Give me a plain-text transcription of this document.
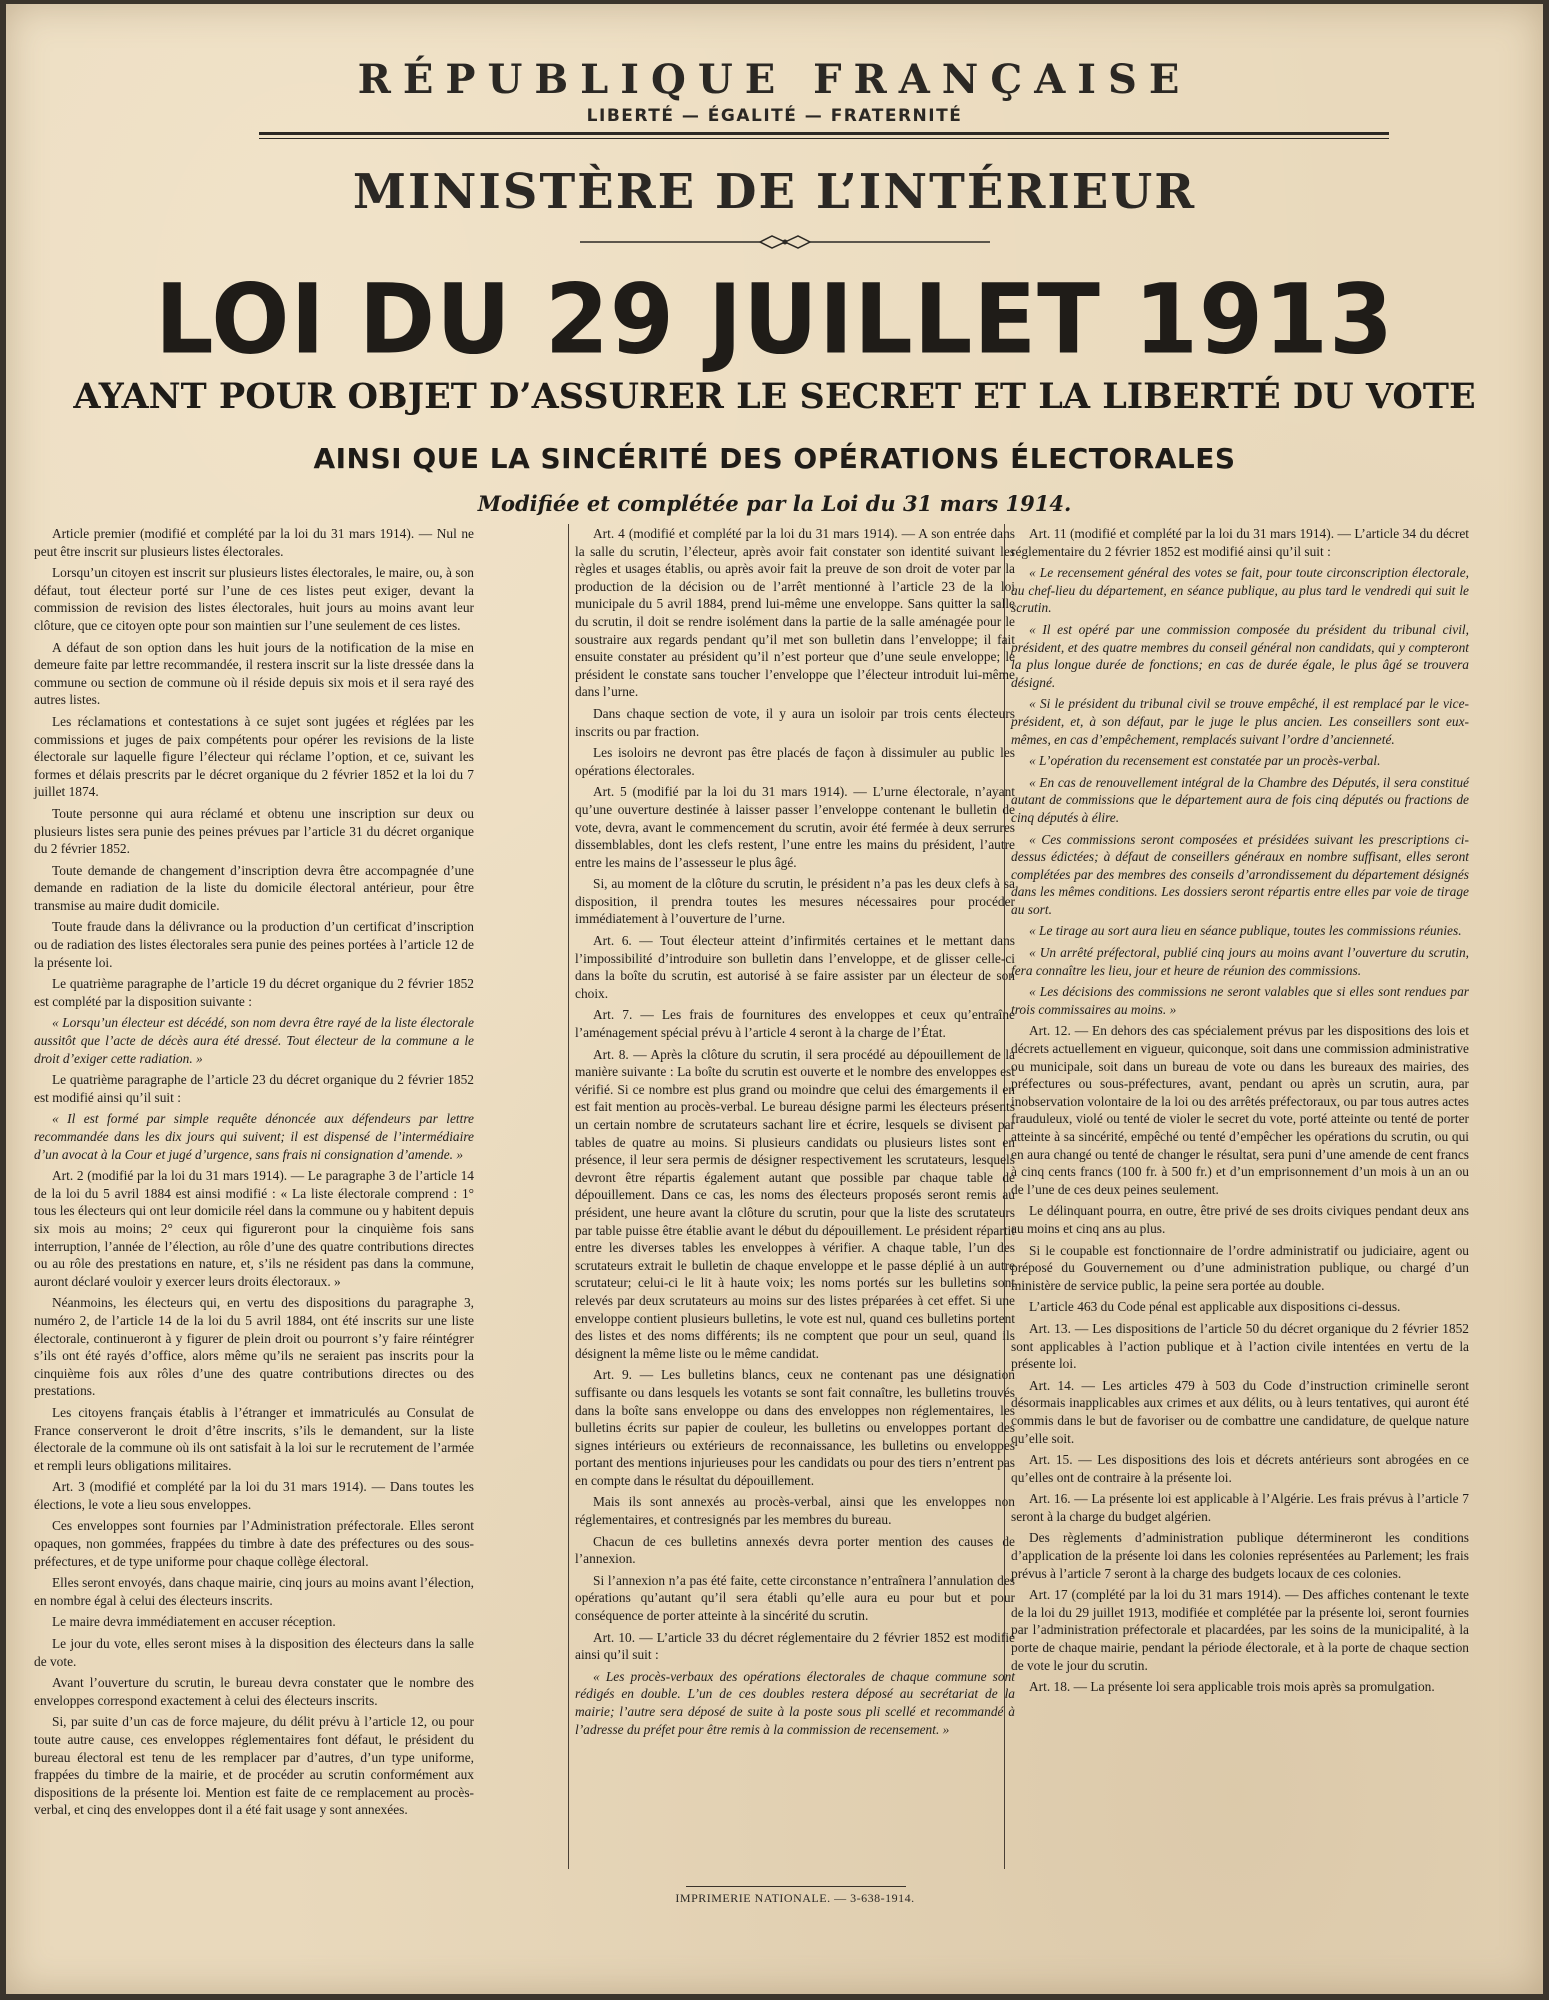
RÉPUBLIQUE FRANÇAISE
LIBERTÉ — ÉGALITÉ — FRATERNITÉ
MINISTÈRE DE L’INTÉRIEUR
LOI DU 29 JUILLET 1913
AYANT POUR OBJET D’ASSURER LE SECRET ET LA LIBERTÉ DU VOTE
AINSI QUE LA SINCÉRITÉ DES OPÉRATIONS ÉLECTORALES
Modifiée et complétée par la Loi du 31 mars 1914.

Article premier (modifié et complété par la loi du 31 mars 1914). — Nul ne peut être inscrit sur plusieurs listes électorales.

Lorsqu’un citoyen est inscrit sur plusieurs listes électorales, le maire, ou, à son défaut, tout électeur porté sur l’une de ces listes peut exiger, devant la commission de revision des listes électorales, huit jours au moins avant leur clôture, que ce citoyen opte pour son maintien sur l’une seulement de ces listes.

A défaut de son option dans les huit jours de la notification de la mise en demeure faite par lettre recommandée, il restera inscrit sur la liste dressée dans la commune ou section de commune où il réside depuis six mois et il sera rayé des autres listes.

Les réclamations et contestations à ce sujet sont jugées et réglées par les commissions et juges de paix compétents pour opérer les revisions de la liste électorale sur laquelle figure l’électeur qui réclame l’option, et ce, suivant les formes et délais prescrits par le décret organique du 2 février 1852 et la loi du 7 juillet 1874.

Toute personne qui aura réclamé et obtenu une inscription sur deux ou plusieurs listes sera punie des peines prévues par l’article 31 du décret organique du 2 février 1852.

Toute demande de changement d’inscription devra être accompagnée d’une demande en radiation de la liste du domicile électoral antérieur, pour être transmise au maire dudit domicile.

Toute fraude dans la délivrance ou la production d’un certificat d’inscription ou de radiation des listes électorales sera punie des peines portées à l’article 12 de la présente loi.

Le quatrième paragraphe de l’article 19 du décret organique du 2 février 1852 est complété par la disposition suivante :

« Lorsqu’un électeur est décédé, son nom devra être rayé de la liste électorale aussitôt que l’acte de décès aura été dressé. Tout électeur de la commune a le droit d’exiger cette radiation. »

Le quatrième paragraphe de l’article 23 du décret organique du 2 février 1852 est modifié ainsi qu’il suit :

« Il est formé par simple requête dénoncée aux défendeurs par lettre recommandée dans les dix jours qui suivent; il est dispensé de l’intermédiaire d’un avocat à la Cour et jugé d’urgence, sans frais ni consignation d’amende. »

Art. 2 (modifié par la loi du 31 mars 1914). — Le paragraphe 3 de l’article 14 de la loi du 5 avril 1884 est ainsi modifié : « La liste électorale comprend : 1° tous les électeurs qui ont leur domicile réel dans la commune ou y habitent depuis six mois au moins; 2° ceux qui figureront pour la cinquième fois sans interruption, l’année de l’élection, au rôle d’une des quatre contributions directes ou au rôle des prestations en nature, et, s’ils ne résident pas dans la commune, auront déclaré vouloir y exercer leurs droits électoraux. »

Néanmoins, les électeurs qui, en vertu des dispositions du paragraphe 3, numéro 2, de l’article 14 de la loi du 5 avril 1884, ont été inscrits sur une liste électorale, continueront à y figurer de plein droit ou pourront s’y faire réintégrer s’ils ont été rayés d’office, alors même qu’ils ne seraient pas inscrits pour la cinquième fois aux rôles d’une des quatre contributions directes ou des prestations.

Les citoyens français établis à l’étranger et immatriculés au Consulat de France conserveront le droit d’être inscrits, s’ils le demandent, sur la liste électorale de la commune où ils ont satisfait à la loi sur le recrutement de l’armée et rempli leurs obligations militaires.

Art. 3 (modifié et complété par la loi du 31 mars 1914). — Dans toutes les élections, le vote a lieu sous enveloppes.

Ces enveloppes sont fournies par l’Administration préfectorale. Elles seront opaques, non gommées, frappées du timbre à date des préfectures ou des sous-préfectures, et de type uniforme pour chaque collège électoral.

Elles seront envoyés, dans chaque mairie, cinq jours au moins avant l’élection, en nombre égal à celui des électeurs inscrits.

Le maire devra immédiatement en accuser réception.

Le jour du vote, elles seront mises à la disposition des électeurs dans la salle de vote.

Avant l’ouverture du scrutin, le bureau devra constater que le nombre des enveloppes correspond exactement à celui des électeurs inscrits.

Si, par suite d’un cas de force majeure, du délit prévu à l’article 12, ou pour toute autre cause, ces enveloppes réglementaires font défaut, le président du bureau électoral est tenu de les remplacer par d’autres, d’un type uniforme, frappées du timbre de la mairie, et de procéder au scrutin conformément aux dispositions de la présente loi. Mention est faite de ce remplacement au procès-verbal, et cinq des enveloppes dont il a été fait usage y sont annexées.

Art. 4 (modifié et complété par la loi du 31 mars 1914). — A son entrée dans la salle du scrutin, l’électeur, après avoir fait constater son identité suivant les règles et usages établis, ou après avoir fait la preuve de son droit de voter par la production de la décision ou de l’arrêt mentionné à l’article 23 de la loi municipale du 5 avril 1884, prend lui-même une enveloppe. Sans quitter la salle du scrutin, il doit se rendre isolément dans la partie de la salle aménagée pour le soustraire aux regards pendant qu’il met son bulletin dans l’enveloppe; il fait ensuite constater au président qu’il n’est porteur que d’une seule enveloppe; le président le constate sans toucher l’enveloppe que l’électeur introduit lui-même dans l’urne.

Dans chaque section de vote, il y aura un isoloir par trois cents électeurs inscrits ou par fraction.

Les isoloirs ne devront pas être placés de façon à dissimuler au public les opérations électorales.

Art. 5 (modifié par la loi du 31 mars 1914). — L’urne électorale, n’ayant qu’une ouverture destinée à laisser passer l’enveloppe contenant le bulletin de vote, devra, avant le commencement du scrutin, avoir été fermée à deux serrures dissemblables, dont les clefs restent, l’une entre les mains du président, l’autre entre les mains de l’assesseur le plus âgé.

Si, au moment de la clôture du scrutin, le président n’a pas les deux clefs à sa disposition, il prendra toutes les mesures nécessaires pour procéder immédiatement à l’ouverture de l’urne.

Art. 6. — Tout électeur atteint d’infirmités certaines et le mettant dans l’impossibilité d’introduire son bulletin dans l’enveloppe, et de glisser celle-ci dans la boîte du scrutin, est autorisé à se faire assister par un électeur de son choix.

Art. 7. — Les frais de fournitures des enveloppes et ceux qu’entraîne l’aménagement spécial prévu à l’article 4 seront à la charge de l’État.

Art. 8. — Après la clôture du scrutin, il sera procédé au dépouillement de la manière suivante : La boîte du scrutin est ouverte et le nombre des enveloppes est vérifié. Si ce nombre est plus grand ou moindre que celui des émargements il en est fait mention au procès-verbal. Le bureau désigne parmi les électeurs présents un certain nombre de scrutateurs sachant lire et écrire, lesquels se divisent par tables de quatre au moins. Si plusieurs candidats ou plusieurs listes sont en présence, il leur sera permis de désigner respectivement les scrutateurs, lesquels devront être répartis également autant que possible par chaque table de dépouillement. Dans ce cas, les noms des électeurs proposés seront remis au président, une heure avant la clôture du scrutin, pour que la liste des scrutateurs par table puisse être établie avant le début du dépouillement. Le président répartit entre les diverses tables les enveloppes à vérifier. A chaque table, l’un des scrutateurs extrait le bulletin de chaque enveloppe et le passe déplié à un autre scrutateur; celui-ci le lit à haute voix; les noms portés sur les bulletins sont relevés par deux scrutateurs au moins sur des listes préparées à cet effet. Si une enveloppe contient plusieurs bulletins, le vote est nul, quand ces bulletins portent des listes et des noms différents; ils ne comptent que pour un seul, quand ils désignent la même liste ou le même candidat.

Art. 9. — Les bulletins blancs, ceux ne contenant pas une désignation suffisante ou dans lesquels les votants se sont fait connaître, les bulletins trouvés dans la boîte sans enveloppe ou dans des enveloppes non réglementaires, les bulletins écrits sur papier de couleur, les bulletins ou enveloppes portant des signes intérieurs ou extérieurs de reconnaissance, les bulletins ou enveloppes portant des mentions injurieuses pour les candidats ou pour des tiers n’entrent pas en compte dans le résultat du dépouillement.

Mais ils sont annexés au procès-verbal, ainsi que les enveloppes non réglementaires, et contresignés par les membres du bureau.

Chacun de ces bulletins annexés devra porter mention des causes de l’annexion.

Si l’annexion n’a pas été faite, cette circonstance n’entraînera l’annulation des opérations qu’autant qu’il sera établi qu’elle aura eu pour but et pour conséquence de porter atteinte à la sincérité du scrutin.

Art. 10. — L’article 33 du décret réglementaire du 2 février 1852 est modifié ainsi qu’il suit :

« Les procès-verbaux des opérations électorales de chaque commune sont rédigés en double. L’un de ces doubles restera déposé au secrétariat de la mairie; l’autre sera déposé de suite à la poste sous pli scellé et recommandé à l’adresse du préfet pour être remis à la commission de recensement. »

Art. 11 (modifié et complété par la loi du 31 mars 1914). — L’article 34 du décret réglementaire du 2 février 1852 est modifié ainsi qu’il suit :

« Le recensement général des votes se fait, pour toute circonscription électorale, au chef-lieu du département, en séance publique, au plus tard le vendredi qui suit le scrutin.

« Il est opéré par une commission composée du président du tribunal civil, président, et des quatre membres du conseil général non candidats, qui y compteront la plus longue durée de fonctions; en cas de durée égale, le plus âgé se trouvera désigné.

« Si le président du tribunal civil se trouve empêché, il est remplacé par le vice-président, et, à son défaut, par le juge le plus ancien. Les conseillers sont eux-mêmes, en cas d’empêchement, remplacés suivant l’ordre d’ancienneté.

« L’opération du recensement est constatée par un procès-verbal.

« En cas de renouvellement intégral de la Chambre des Députés, il sera constitué autant de commissions que le département aura de fois cinq députés ou fractions de cinq députés à élire.

« Ces commissions seront composées et présidées suivant les prescriptions ci-dessus édictées; à défaut de conseillers généraux en nombre suffisant, elles seront complétées par des membres des conseils d’arrondissement du département désignés dans les mêmes conditions. Les dossiers seront répartis entre elles par voie de tirage au sort.

« Le tirage au sort aura lieu en séance publique, toutes les commissions réunies.

« Un arrêté préfectoral, publié cinq jours au moins avant l’ouverture du scrutin, fera connaître les lieu, jour et heure de réunion des commissions.

« Les décisions des commissions ne seront valables que si elles sont rendues par trois commissaires au moins. »

Art. 12. — En dehors des cas spécialement prévus par les dispositions des lois et décrets actuellement en vigueur, quiconque, soit dans une commission administrative ou municipale, soit dans un bureau de vote ou dans les bureaux des mairies, des préfectures ou sous-préfectures, avant, pendant ou après un scrutin, aura, par inobservation volontaire de la loi ou des arrêtés préfectoraux, ou par tous autres actes frauduleux, violé ou tenté de violer le secret du vote, porté atteinte ou tenté de porter atteinte à sa sincérité, empêché ou tenté d’empêcher les opérations du scrutin, ou qui en aura changé ou tenté de changer le résultat, sera puni d’une amende de cent francs à cinq cents francs (100 fr. à 500 fr.) et d’un emprisonnement d’un mois à un an ou de l’une de ces deux peines seulement.

Le délinquant pourra, en outre, être privé de ses droits civiques pendant deux ans au moins et cinq ans au plus.

Si le coupable est fonctionnaire de l’ordre administratif ou judiciaire, agent ou préposé du Gouvernement ou d’une administration publique, ou chargé d’un ministère de service public, la peine sera portée au double.

L’article 463 du Code pénal est applicable aux dispositions ci-dessus.

Art. 13. — Les dispositions de l’article 50 du décret organique du 2 février 1852 sont applicables à l’action publique et à l’action civile intentées en vertu de la présente loi.

Art. 14. — Les articles 479 à 503 du Code d’instruction criminelle seront désormais inapplicables aux crimes et aux délits, ou à leurs tentatives, qui auront été commis dans le but de favoriser ou de combattre une candidature, de quelque nature qu’elle soit.

Art. 15. — Les dispositions des lois et décrets antérieurs sont abrogées en ce qu’elles ont de contraire à la présente loi.

Art. 16. — La présente loi est applicable à l’Algérie. Les frais prévus à l’article 7 seront à la charge du budget algérien.

Des règlements d’administration publique détermineront les conditions d’application de la présente loi dans les colonies représentées au Parlement; les frais prévus à l’article 7 seront à la charge des budgets locaux de ces colonies.

Art. 17 (complété par la loi du 31 mars 1914). — Des affiches contenant le texte de la loi du 29 juillet 1913, modifiée et complétée par la présente loi, seront fournies par l’administration préfectorale et placardées, par les soins de la municipalité, à la porte de chaque mairie, pendant la période électorale, et à la porte de chaque section de vote le jour du scrutin.

Art. 18. — La présente loi sera applicable trois mois après sa promulgation.

IMPRIMERIE NATIONALE. — 3-638-1914.
